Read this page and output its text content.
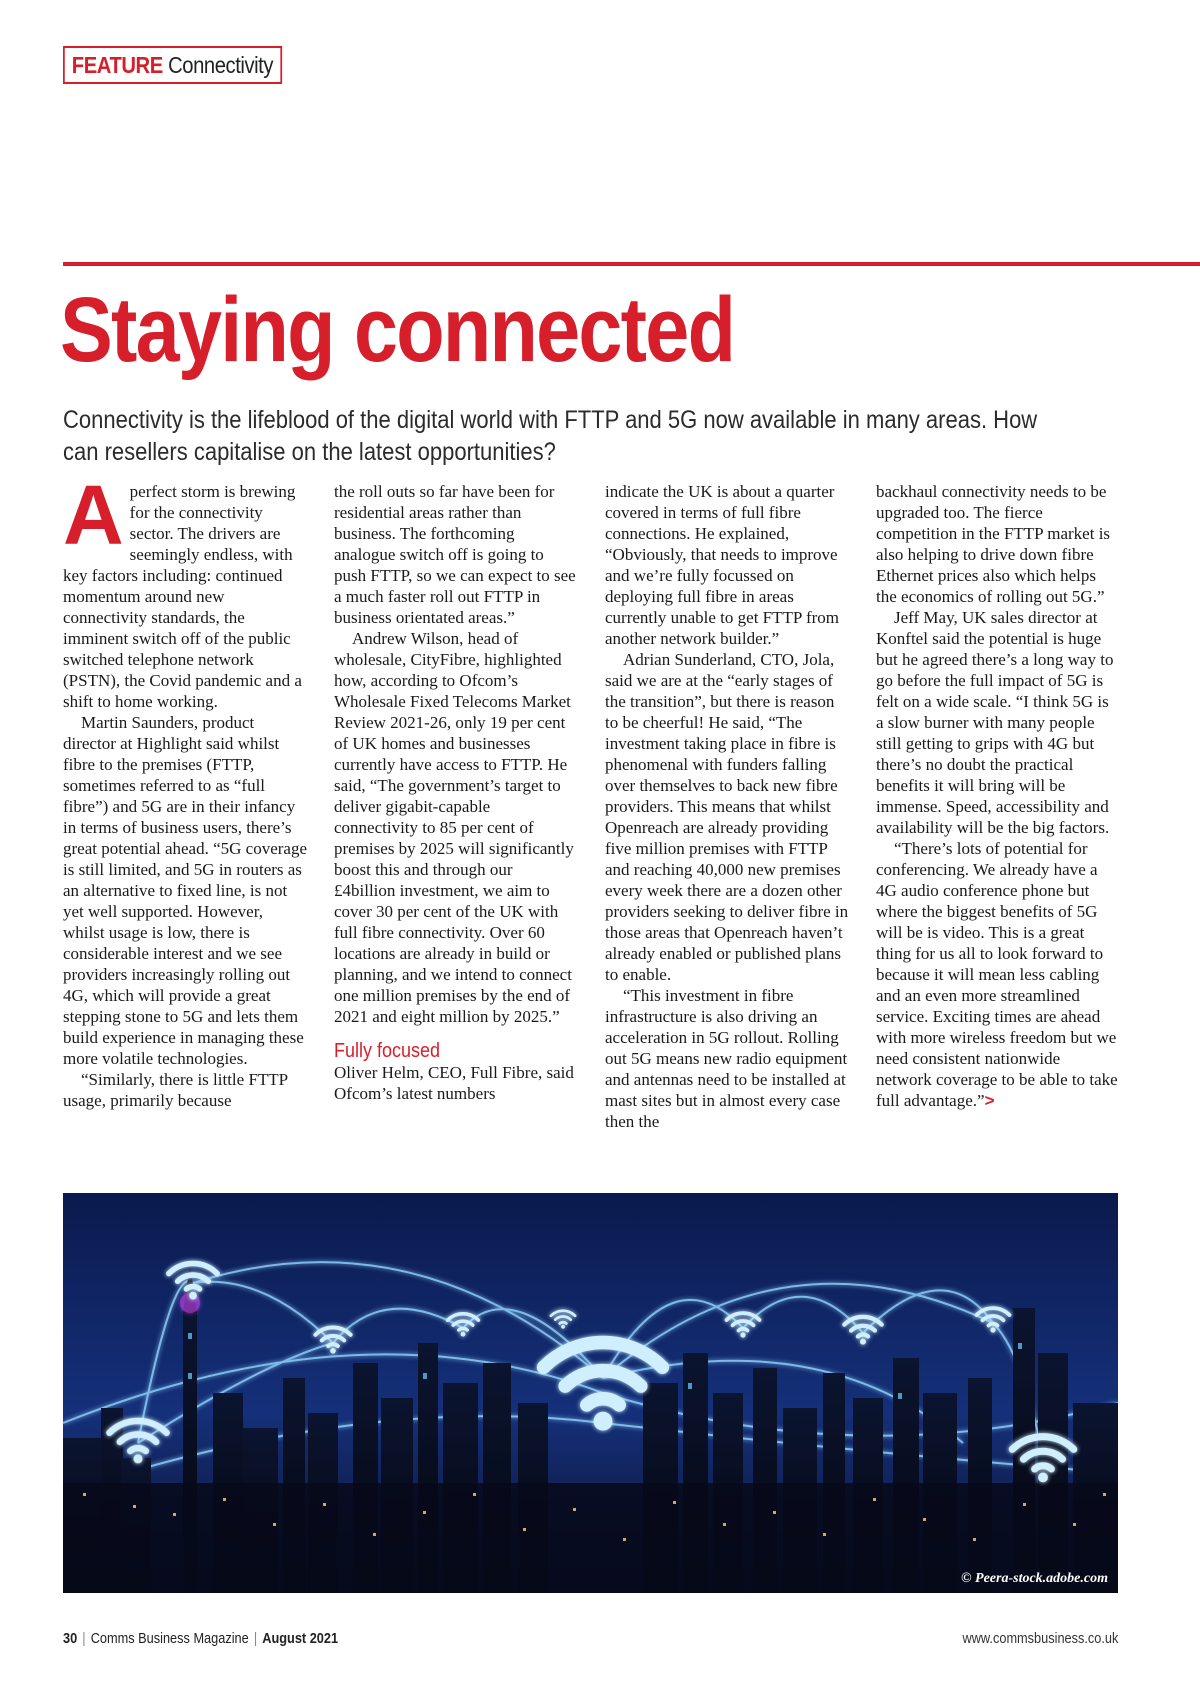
FEATURE Connectivity
Staying connected

Connectivity is the lifeblood of the digital world with FTTP and 5G now available in many areas. How can resellers capitalise on the latest opportunities?

Aperfect storm is brewing for the connectivity sector. The drivers are seemingly endless, with key factors including: continued momentum around new connectivity standards, the imminent switch off of the public switched telephone network (PSTN), the Covid pandemic and a shift to home working.

Martin Saunders, product director at Highlight said whilst fibre to the premises (FTTP, sometimes referred to as “full fibre”) and 5G are in their infancy in terms of business users, there’s great potential ahead. “5G coverage is still limited, and 5G in routers as an alternative to fixed line, is not yet well supported. However, whilst usage is low, there is considerable interest and we see providers increasingly rolling out 4G, which will provide a great stepping stone to 5G and lets them build experience in managing these more volatile technologies.

“Similarly, there is little FTTP usage, primarily because

the roll outs so far have been for residential areas rather than business. The forthcoming analogue switch off is going to push FTTP, so we can expect to see a much faster roll out FTTP in business orientated areas.”

Andrew Wilson, head of wholesale, CityFibre, highlighted how, according to Ofcom’s Wholesale Fixed Telecoms Market Review 2021-26, only 19 per cent of UK homes and businesses currently have access to FTTP. He said, “The government’s target to deliver gigabit-capable connectivity to 85 per cent of premises by 2025 will significantly boost this and through our £4billion investment, we aim to cover 30 per cent of the UK with full fibre connectivity. Over 60 locations are already in build or planning, and we intend to connect one million premises by the end of 2021 and eight million by 2025.”

Fully focused

Oliver Helm, CEO, Full Fibre, said Ofcom’s latest numbers

indicate the UK is about a quarter covered in terms of full fibre connections. He explained, “Obviously, that needs to improve and we’re fully focussed on deploying full fibre in areas currently unable to get FTTP from another network builder.”

Adrian Sunderland, CTO, Jola, said we are at the “early stages of the transition”, but there is reason to be cheerful! He said, “The investment taking place in fibre is phenomenal with funders falling over themselves to back new fibre providers. This means that whilst Openreach are already providing five million premises with FTTP and reaching 40,000 new premises every week there are a dozen other providers seeking to deliver fibre in those areas that Openreach haven’t already enabled or published plans to enable.

“This investment in fibre infrastructure is also driving an acceleration in 5G rollout. Rolling out 5G means new radio equipment and antennas need to be installed at mast sites but in almost every case then the

backhaul connectivity needs to be upgraded too. The fierce competition in the FTTP market is also helping to drive down fibre Ethernet prices also which helps the economics of rolling out 5G.”

Jeff May, UK sales director at Konftel said the potential is huge but he agreed there’s a long way to go before the full impact of 5G is felt on a wide scale. “I think 5G is a slow burner with many people still getting to grips with 4G but there’s no doubt the practical benefits it will bring will be immense. Speed, accessibility and availability will be the big factors.

“There’s lots of potential for conferencing. We already have a 4G audio conference phone but where the biggest benefits of 5G will be is video. This is a great thing for us all to look forward to because it will mean less cabling and an even more streamlined service. Exciting times are ahead with more wireless freedom but we need consistent nationwide network coverage to be able to take full advantage.”>

© Peera-stock.adobe.com
30 | Comms Business Magazine | August 2021	www.commsbusiness.co.uk
